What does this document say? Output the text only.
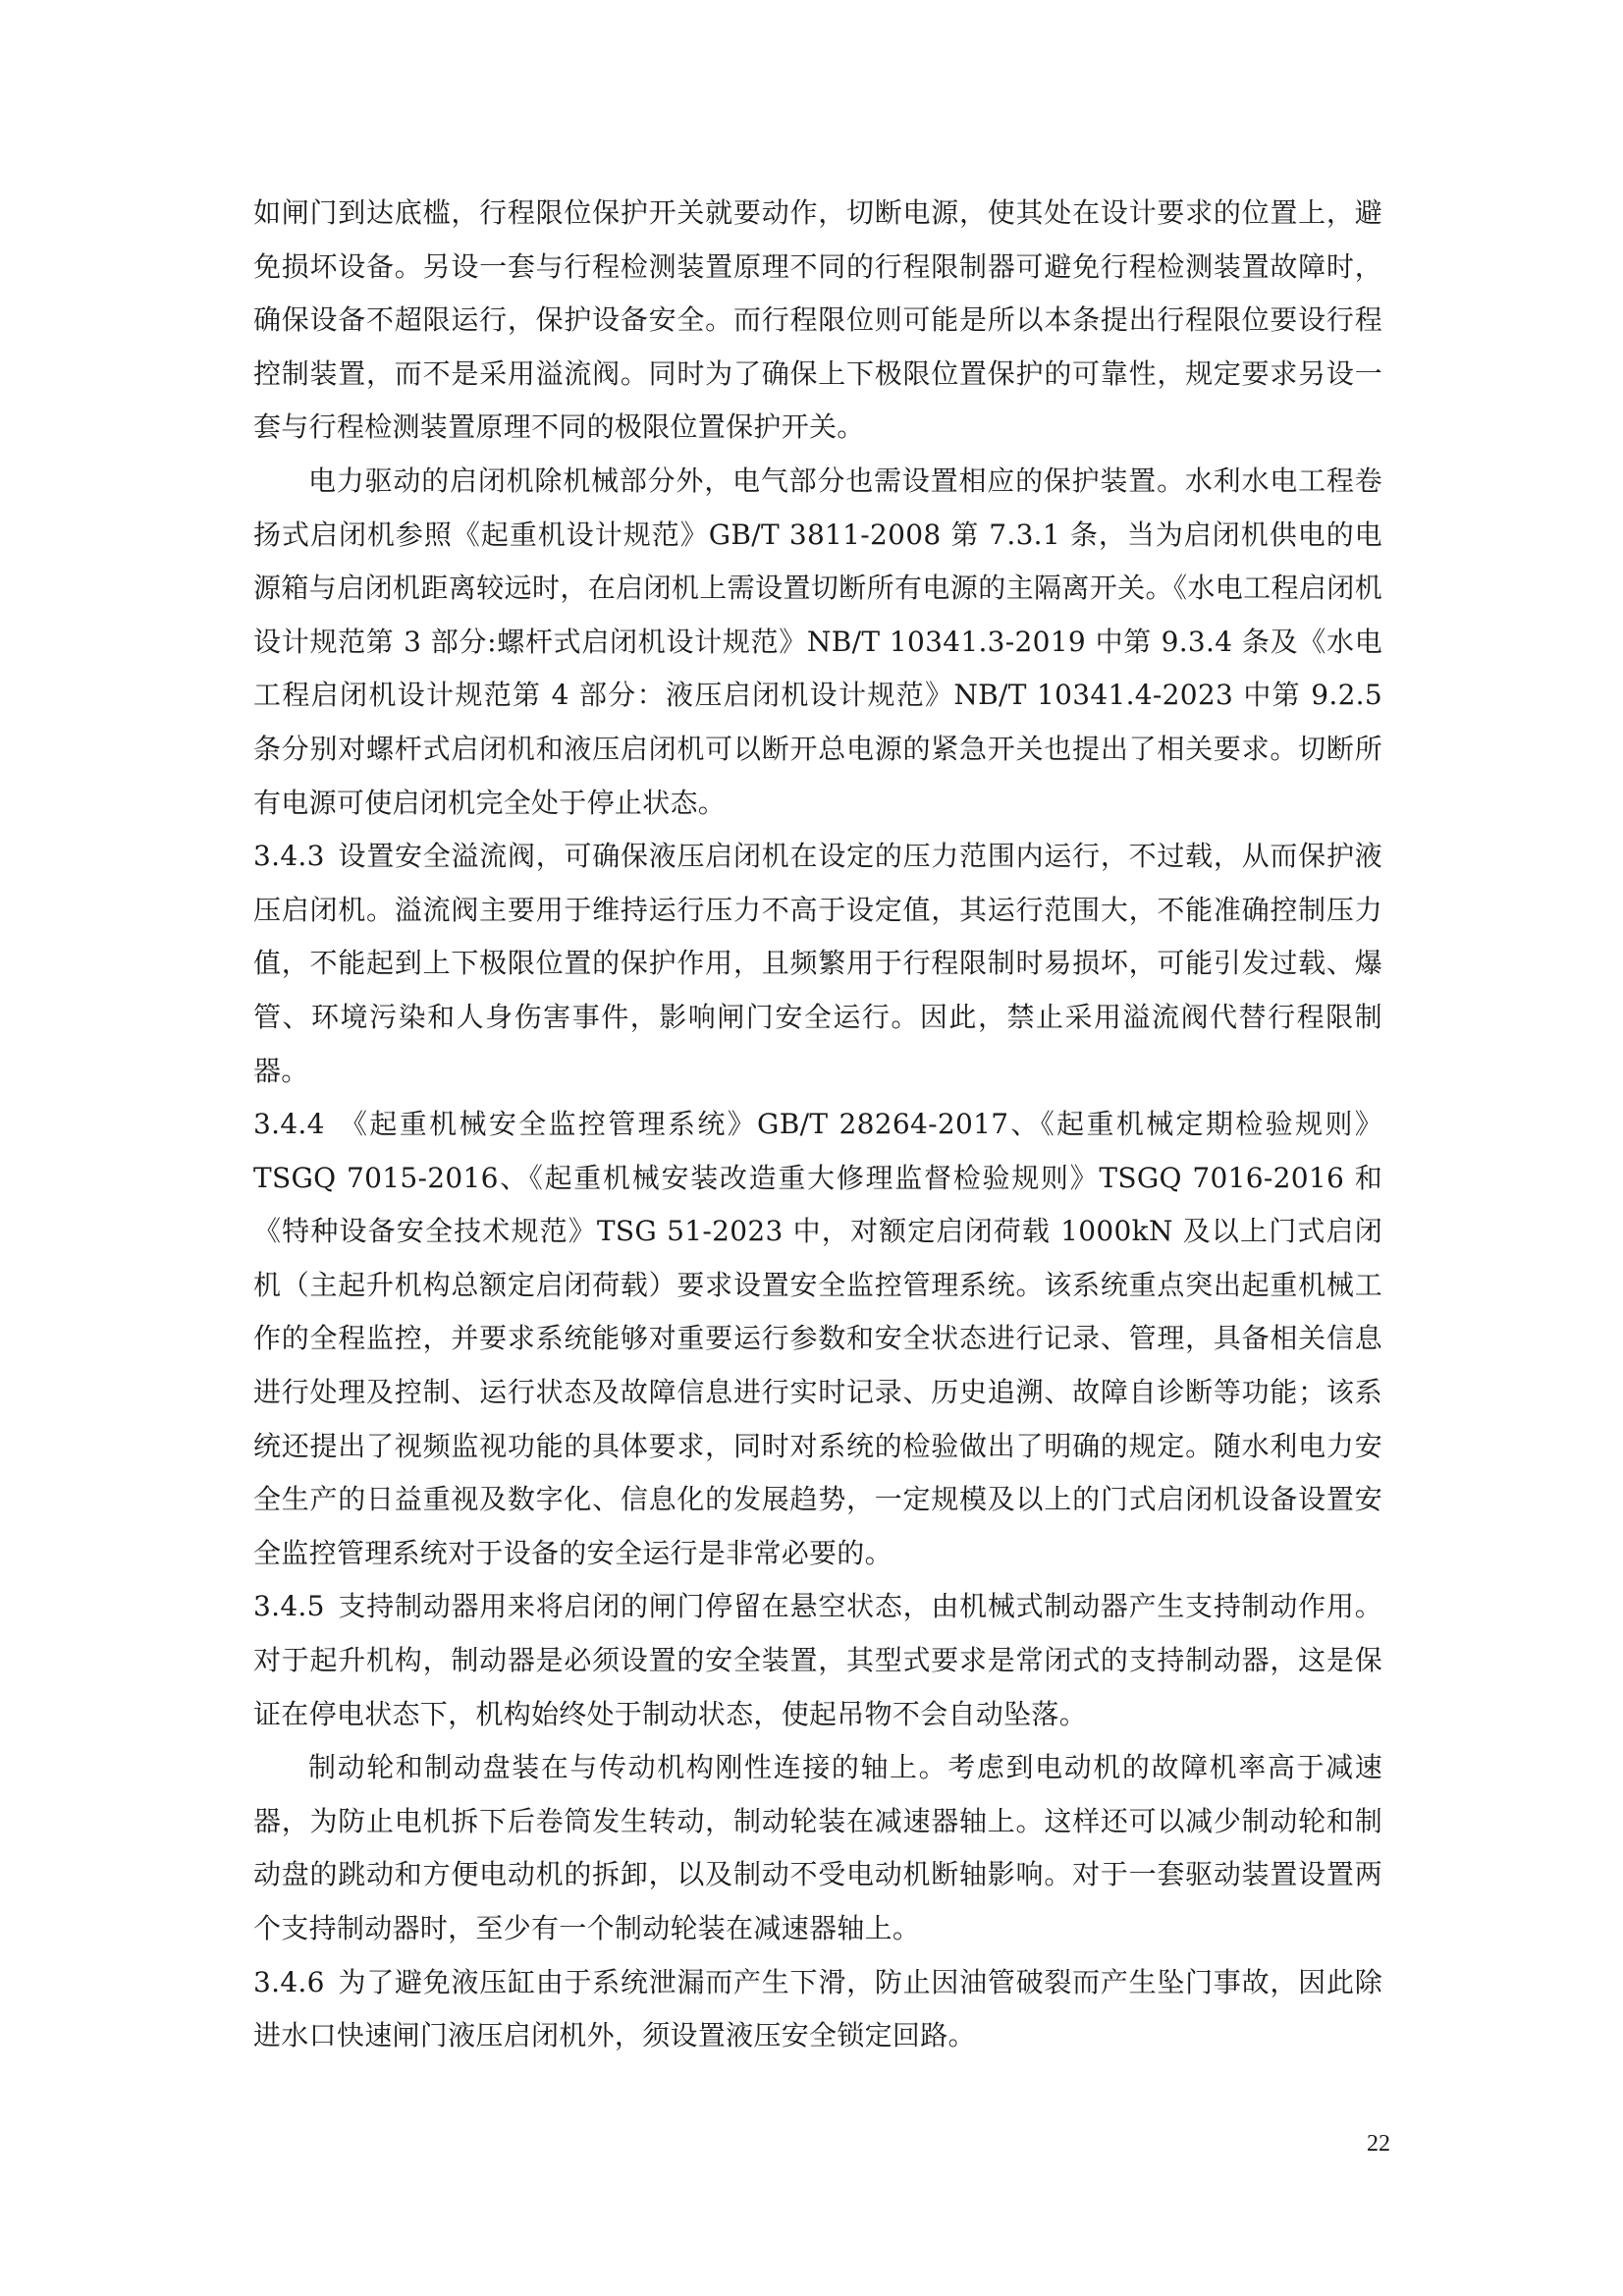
如闸门到达底槛，行程限位保护开关就要动作，切断电源，使其处在设计要求的位置上，避免损坏设备。另设一套与行程检测装置原理不同的行程限制器可避免行程检测装置故障时，确保设备不超限运行，保护设备安全。而行程限位则可能是所以本条提出行程限位要设行程控制装置，而不是采用溢流阀。同时为了确保上下极限位置保护的可靠性，规定要求另设一套与行程检测装置原理不同的极限位置保护开关。

电力驱动的启闭机除机械部分外，电气部分也需设置相应的保护装置。水利水电工程卷扬式启闭机参照《起重机设计规范》GB/T 3811-2008 第 7.3.1 条，当为启闭机供电的电源箱与启闭机距离较远时，在启闭机上需设置切断所有电源的主隔离开关。《水电工程启闭机设计规范第 3 部分:螺杆式启闭机设计规范》NB/T 10341.3-2019 中第 9.3.4 条及《水电工程启闭机设计规范第 4 部分：液压启闭机设计规范》NB/T 10341.4-2023 中第 9.2.5 条分别对螺杆式启闭机和液压启闭机可以断开总电源的紧急开关也提出了相关要求。切断所有电源可使启闭机完全处于停止状态。

3.4.3 设置安全溢流阀，可确保液压启闭机在设定的压力范围内运行，不过载，从而保护液压启闭机。溢流阀主要用于维持运行压力不高于设定值，其运行范围大，不能准确控制压力值，不能起到上下极限位置的保护作用，且频繁用于行程限制时易损坏，可能引发过载、爆管、环境污染和人身伤害事件，影响闸门安全运行。因此，禁止采用溢流阀代替行程限制器。

3.4.4 《起重机械安全监控管理系统》GB/T 28264-2017、《起重机械定期检验规则》TSGQ 7015-2016、《起重机械安装改造重大修理监督检验规则》TSGQ 7016-2016 和《特种设备安全技术规范》TSG 51-2023 中，对额定启闭荷载 1000kN 及以上门式启闭机（主起升机构总额定启闭荷载）要求设置安全监控管理系统。该系统重点突出起重机械工作的全程监控，并要求系统能够对重要运行参数和安全状态进行记录、管理，具备相关信息进行处理及控制、运行状态及故障信息进行实时记录、历史追溯、故障自诊断等功能；该系统还提出了视频监视功能的具体要求，同时对系统的检验做出了明确的规定。随水利电力安全生产的日益重视及数字化、信息化的发展趋势，一定规模及以上的门式启闭机设备设置安全监控管理系统对于设备的安全运行是非常必要的。

3.4.5 支持制动器用来将启闭的闸门停留在悬空状态，由机械式制动器产生支持制动作用。对于起升机构，制动器是必须设置的安全装置，其型式要求是常闭式的支持制动器，这是保证在停电状态下，机构始终处于制动状态，使起吊物不会自动坠落。

制动轮和制动盘装在与传动机构刚性连接的轴上。考虑到电动机的故障机率高于减速器，为防止电机拆下后卷筒发生转动，制动轮装在减速器轴上。这样还可以减少制动轮和制动盘的跳动和方便电动机的拆卸，以及制动不受电动机断轴影响。对于一套驱动装置设置两个支持制动器时，至少有一个制动轮装在减速器轴上。

3.4.6 为了避免液压缸由于系统泄漏而产生下滑，防止因油管破裂而产生坠门事故，因此除进水口快速闸门液压启闭机外，须设置液压安全锁定回路。

22
